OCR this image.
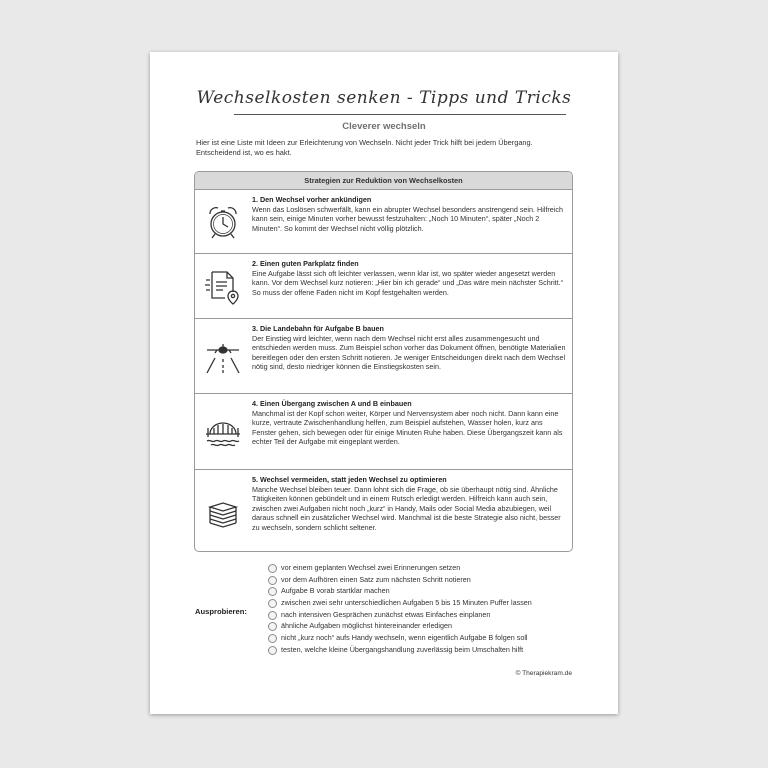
Wechselkosten senken - Tipps und Tricks
Cleverer wechseln
Hier ist eine Liste mit Ideen zur Erleichterung von Wechseln. Nicht jeder Trick hilft bei jedem Übergang. Entscheidend ist, wo es hakt.
Strategien zur Reduktion von Wechselkosten
1. Den Wechsel vorher ankündigen
Wenn das Loslösen schwerfällt, kann ein abrupter Wechsel besonders anstrengend sein. Hilfreich kann sein, einige Minuten vorher bewusst festzuhalten: „Noch 10 Minuten“, später „Noch 2 Minuten“. So kommt der Wechsel nicht völlig plötzlich.
2. Einen guten Parkplatz finden
Eine Aufgabe lässt sich oft leichter verlassen, wenn klar ist, wo später wieder angesetzt werden kann. Vor dem Wechsel kurz notieren: „Hier bin ich gerade“ und „Das wäre mein nächster Schritt.“ So muss der offene Faden nicht im Kopf festgehalten werden.
3. Die Landebahn für Aufgabe B bauen
Der Einstieg wird leichter, wenn nach dem Wechsel nicht erst alles zusammengesucht und entschieden werden muss. Zum Beispiel schon vorher das Dokument öffnen, benötigte Materialien bereitlegen oder den ersten Schritt notieren. Je weniger Entscheidungen direkt nach dem Wechsel nötig sind, desto niedriger können die Einstiegskosten sein.
4. Einen Übergang zwischen A und B einbauen
Manchmal ist der Kopf schon weiter, Körper und Nervensystem aber noch nicht. Dann kann eine kurze, vertraute Zwischenhandlung helfen, zum Beispiel aufstehen, Wasser holen, kurz ans Fenster gehen, sich bewegen oder für einige Minuten Ruhe haben. Diese Übergangszeit kann als echter Teil der Aufgabe mit eingeplant werden.
5. Wechsel vermeiden, statt jeden Wechsel zu optimieren
Manche Wechsel bleiben teuer. Dann lohnt sich die Frage, ob sie überhaupt nötig sind. Ähnliche Tätigkeiten können gebündelt und in einem Rutsch erledigt werden. Hilfreich kann auch sein, zwischen zwei Aufgaben nicht noch „kurz“ in Handy, Mails oder Social Media abzubiegen, weil daraus schnell ein zusätzlicher Wechsel wird. Manchmal ist die beste Strategie also nicht, besser zu wechseln, sondern schlicht seltener.
Ausprobieren:
vor einem geplanten Wechsel zwei Erinnerungen setzen
vor dem Aufhören einen Satz zum nächsten Schritt notieren
Aufgabe B vorab startklar machen
zwischen zwei sehr unterschiedlichen Aufgaben 5 bis 15 Minuten Puffer lassen
nach intensiven Gesprächen zunächst etwas Einfaches einplanen
ähnliche Aufgaben möglichst hintereinander erledigen
nicht „kurz noch“ aufs Handy wechseln, wenn eigentlich Aufgabe B folgen soll
testen, welche kleine Übergangshandlung zuverlässig beim Umschalten hilft
© Therapiekram.de
